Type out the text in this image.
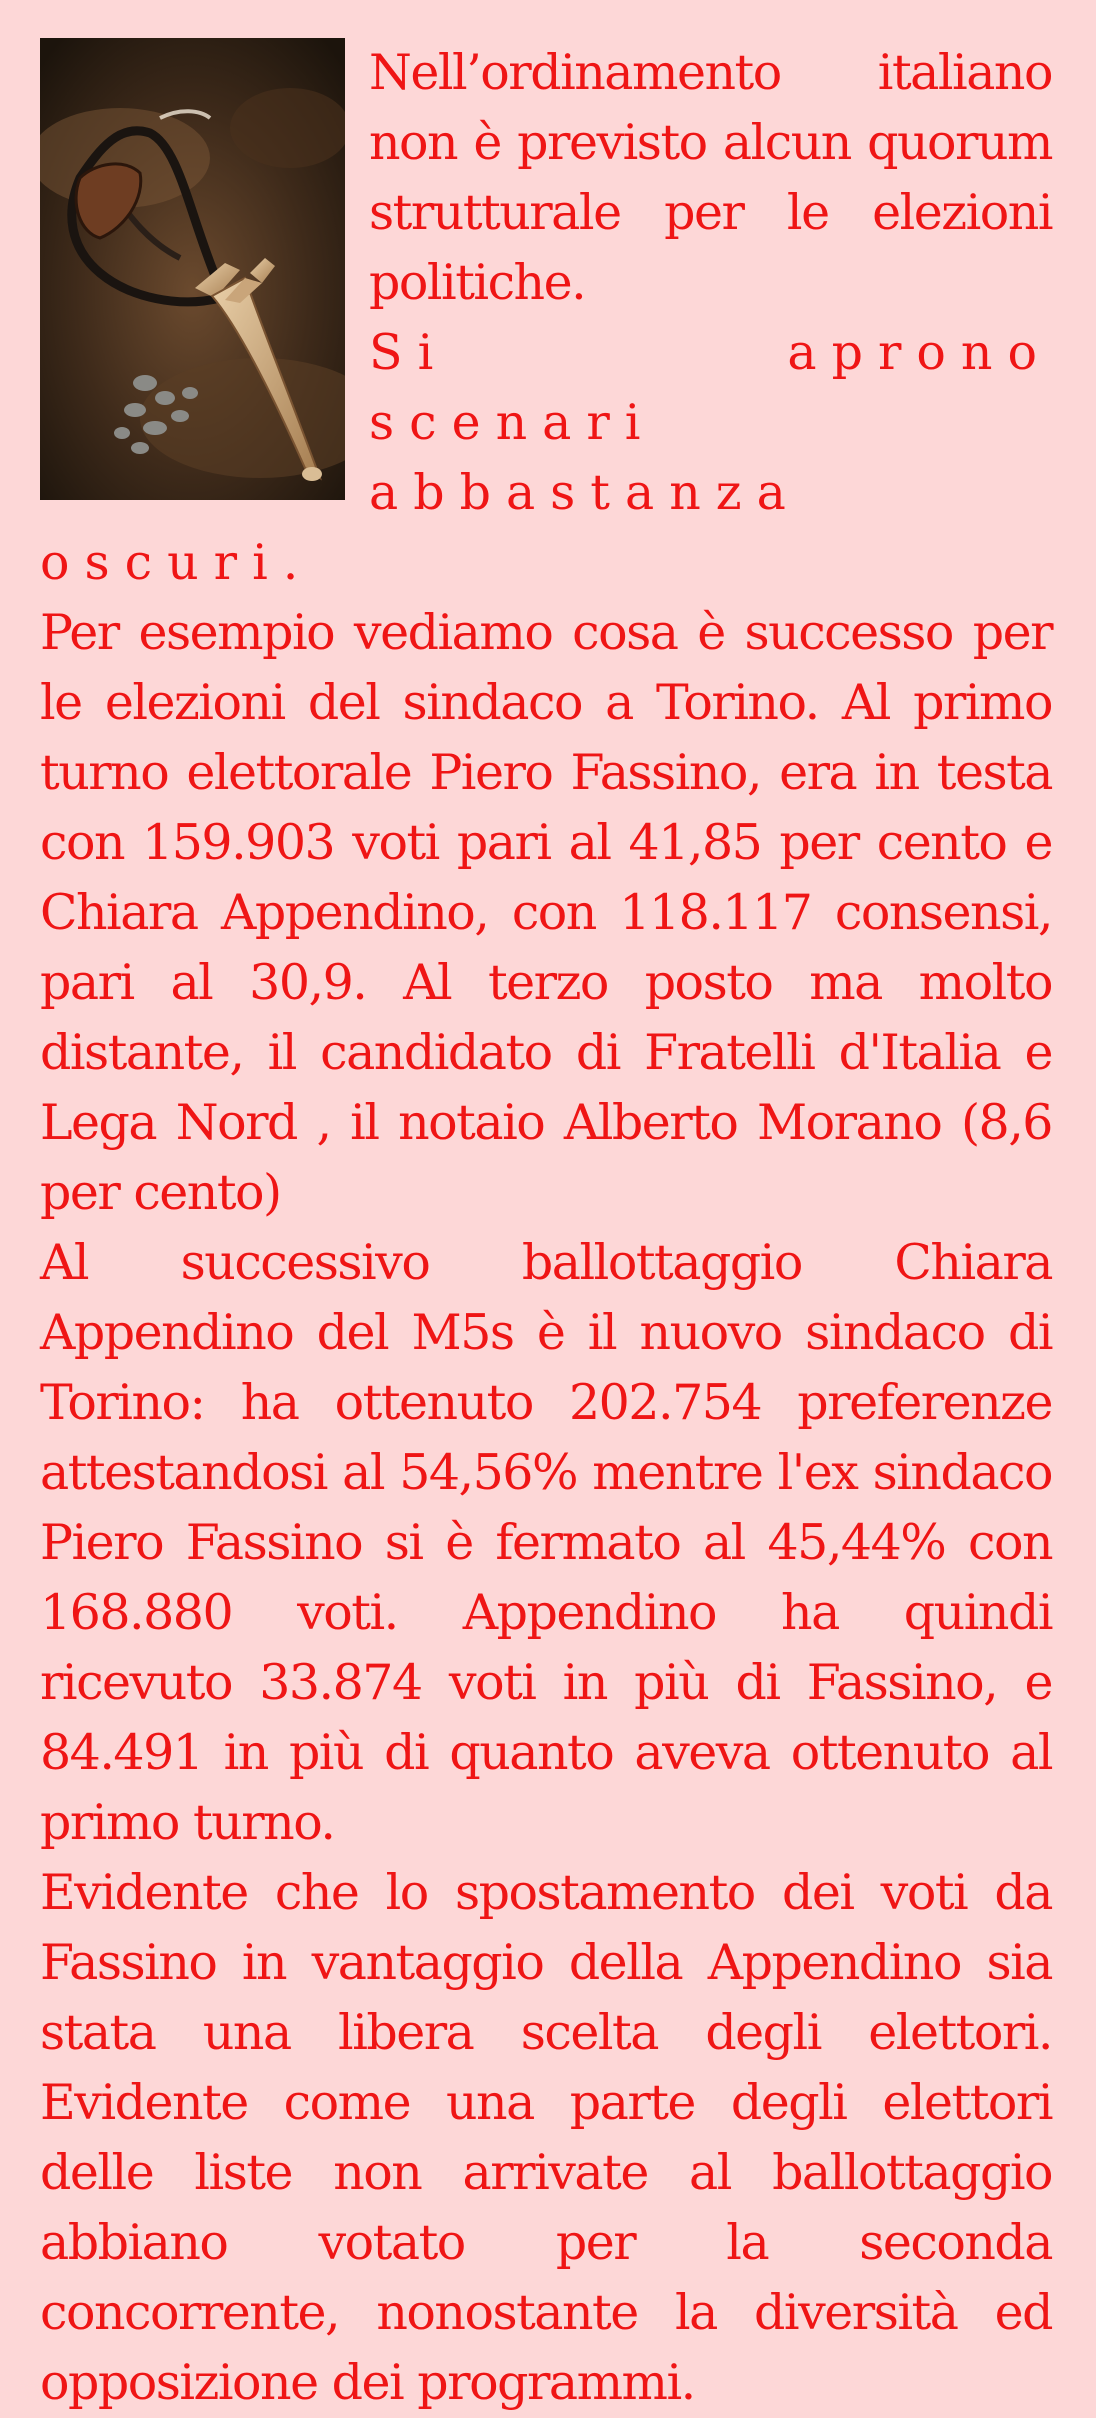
Nell’ordinamento italiano non è previsto alcun quorum strutturale per le elezioni politiche.

Si aprono scenari abbastanza oscuri.

Per esempio vediamo cosa è successo per le elezioni del sindaco a Torino. Al primo turno elettorale Piero Fassino, era in testa con 159.903 voti pari al 41,85 per cento e Chiara Appendino, con 118.117 consensi, pari al 30,9. Al terzo posto ma molto distante, il candidato di Fratelli d'Italia e Lega Nord , il notaio Alberto Morano (8,6 per cento)

Al successivo ballottaggio Chiara Appendino del M5s è il nuovo sindaco di Torino: ha ottenuto 202.754 preferenze attestandosi al 54,56% mentre l'ex sindaco Piero Fassino si è fermato al 45,44% con 168.880 voti. Appendino ha quindi ricevuto 33.874 voti in più di Fassino, e 84.491 in più di quanto aveva ottenuto al primo turno.

Evidente che lo spostamento dei voti da Fassino in vantaggio della Appendino sia stata una libera scelta degli elettori. Evidente come una parte degli elettori delle liste non arrivate al ballottaggio abbiano votato per la seconda concorrente, nonostante la diversità ed opposizione dei programmi.
